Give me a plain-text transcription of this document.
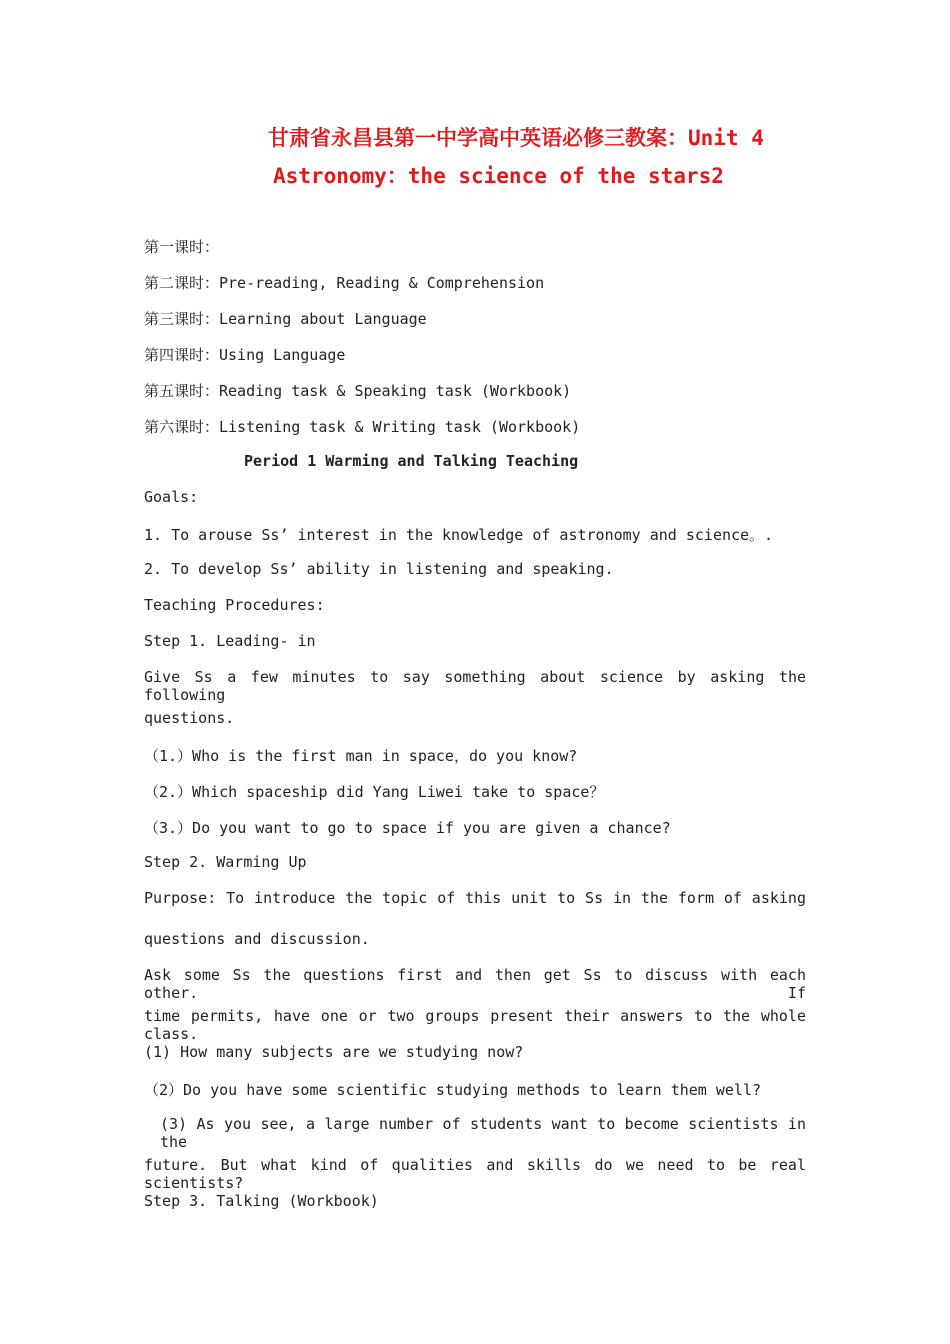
甘肃省永昌县第一中学高中英语必修三教案：Unit 4
Astronomy：the science of the stars2
第一课时：
第二课时：Pre-reading, Reading & Comprehension
第三课时：Learning about Language
第四课时：Using Language
第五课时：Reading task & Speaking task (Workbook)
第六课时：Listening task & Writing task (Workbook)
Period 1 Warming and Talking Teaching
Goals:
1. To arouse Ss’ interest in the knowledge of astronomy and science。.
2. To develop Ss’ ability in listening and speaking.
Teaching Procedures:
Step 1. Leading- in
Give Ss a few minutes to say something about science by asking the following
questions.
（1.）Who is the first man in space，do you know?
（2.）Which spaceship did Yang Liwei take to space？
（3.）Do you want to go to space if you are given a chance?
Step 2. Warming Up
Purpose: To introduce the topic of this unit to Ss in the form of asking
questions and discussion.
Ask some Ss the questions first and then get Ss to discuss with each other. If
time permits, have one or two groups present their answers to the whole class.
(1) How many subjects are we studying now?
（2）Do you have some scientific studying methods to learn them well?
(3) As you see, a large number of students want to become scientists in the
future. But what kind of qualities and skills do we need to be real scientists?
Step 3. Talking (Workbook)
